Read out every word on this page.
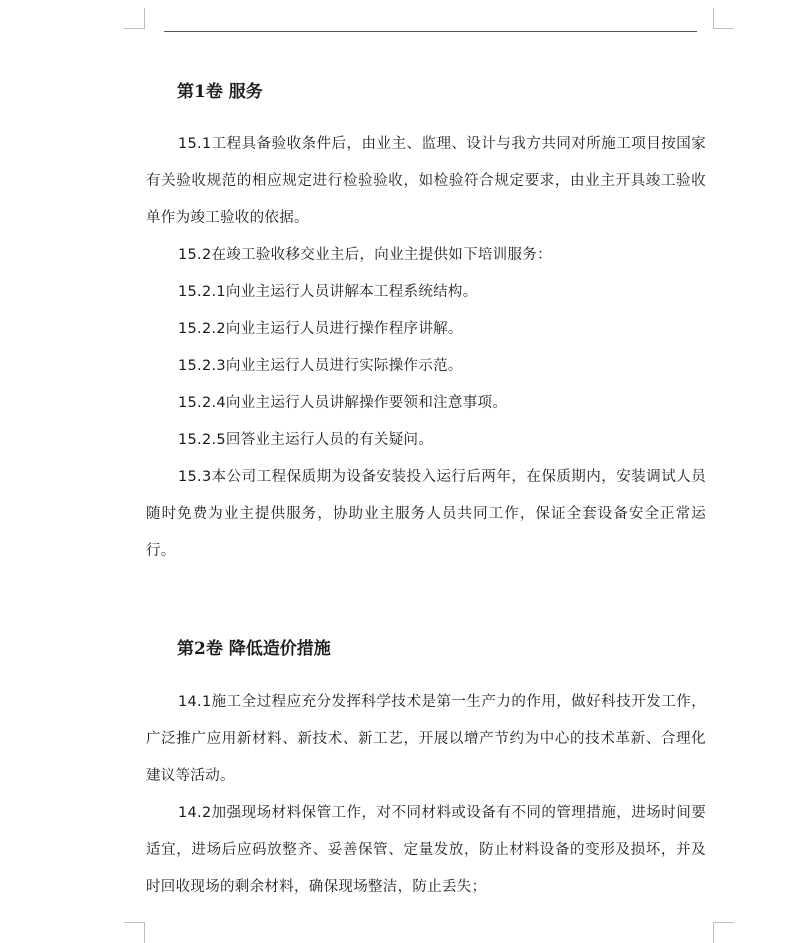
第1卷 服务

15.1工程具备验收条件后，由业主、监理、设计与我方共同对所施工项目按国家有关验收规范的相应规定进行检验验收，如检验符合规定要求，由业主开具竣工验收单作为竣工验收的依据。

15.2在竣工验收移交业主后，向业主提供如下培训服务：

15.2.1向业主运行人员讲解本工程系统结构。

15.2.2向业主运行人员进行操作程序讲解。

15.2.3向业主运行人员进行实际操作示范。

15.2.4向业主运行人员讲解操作要领和注意事项。

15.2.5回答业主运行人员的有关疑问。

15.3本公司工程保质期为设备安装投入运行后两年，在保质期内，安装调试人员随时免费为业主提供服务，协助业主服务人员共同工作，保证全套设备安全正常运行。

第2卷 降低造价措施

14.1施工全过程应充分发挥科学技术是第一生产力的作用，做好科技开发工作，广泛推广应用新材料、新技术、新工艺，开展以增产节约为中心的技术革新、合理化建议等活动。

14.2加强现场材料保管工作，对不同材料或设备有不同的管理措施，进场时间要适宜，进场后应码放整齐、妥善保管、定量发放，防止材料设备的变形及损坏，并及时回收现场的剩余材料，确保现场整洁，防止丢失；
